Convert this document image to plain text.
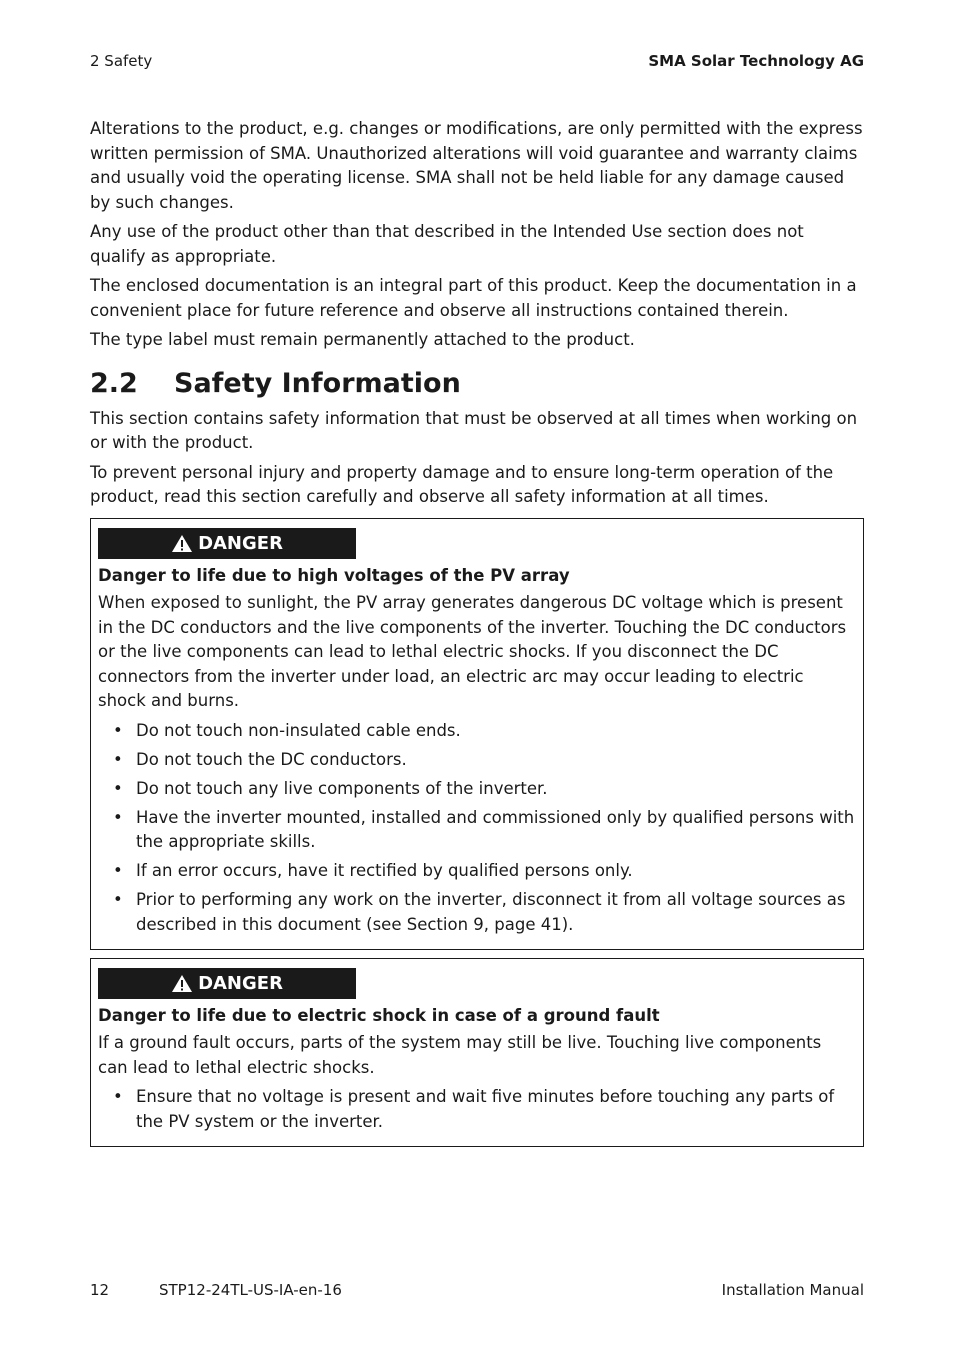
2 Safety	SMA Solar Technology AG

Alterations to the product, e.g. changes or modifications, are only permitted with the express written permission of SMA. Unauthorized alterations will void guarantee and warranty claims and usually void the operating license. SMA shall not be held liable for any damage caused by such changes.

Any use of the product other than that described in the Intended Use section does not qualify as appropriate.

The enclosed documentation is an integral part of this product. Keep the documentation in a convenient place for future reference and observe all instructions contained therein.

The type label must remain permanently attached to the product.

2.2 Safety Information

This section contains safety information that must be observed at all times when working on or with the product.

To prevent personal injury and property damage and to ensure long-term operation of the product, read this section carefully and observe all safety information at all times.

DANGER
Danger to life due to high voltages of the PV array

When exposed to sunlight, the PV array generates dangerous DC voltage which is present in the DC conductors and the live components of the inverter. Touching the DC conductors or the live components can lead to lethal electric shocks. If you disconnect the DC connectors from the inverter under load, an electric arc may occur leading to electric shock and burns.

• Do not touch non-insulated cable ends.
• Do not touch the DC conductors.
• Do not touch any live components of the inverter.
• Have the inverter mounted, installed and commissioned only by qualified persons with the appropriate skills.
• If an error occurs, have it rectified by qualified persons only.
• Prior to performing any work on the inverter, disconnect it from all voltage sources as described in this document (see Section 9, page 41).
DANGER
Danger to life due to electric shock in case of a ground fault

If a ground fault occurs, parts of the system may still be live. Touching live components can lead to lethal electric shocks.

• Ensure that no voltage is present and wait five minutes before touching any parts of the PV system or the inverter.
12	STP12-24TL-US-IA-en-16	Installation Manual
